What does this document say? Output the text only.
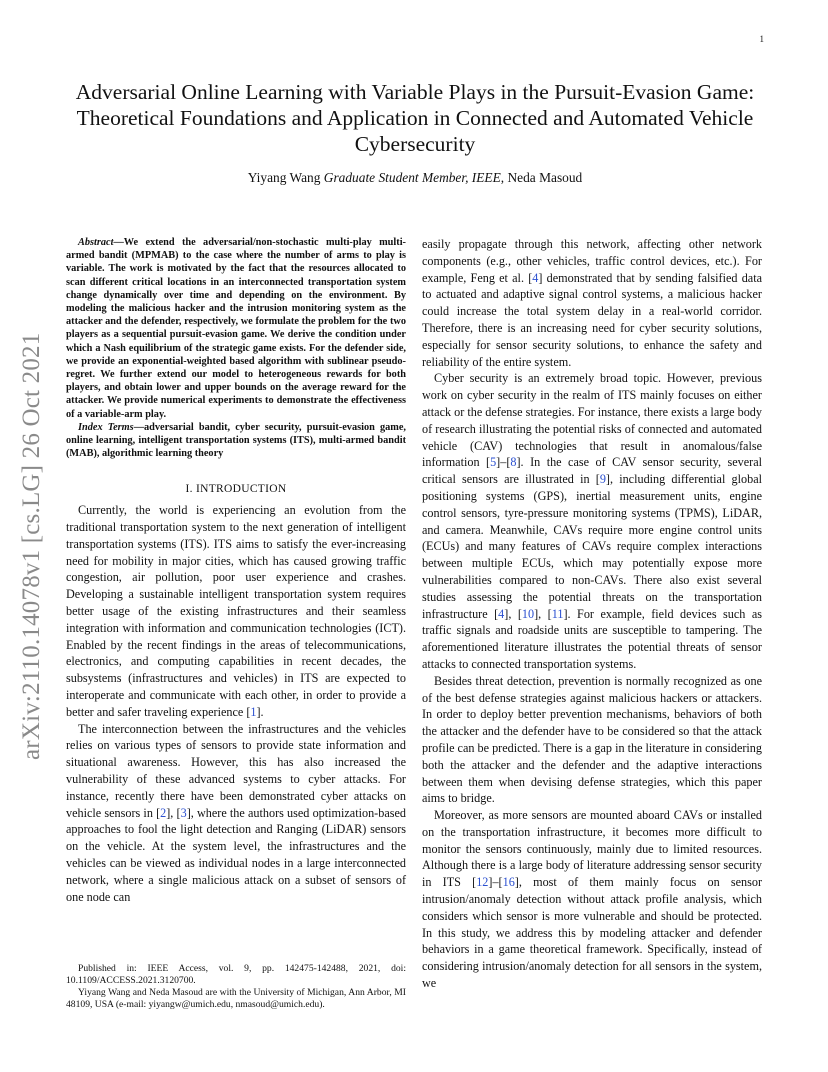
1
arXiv:2110.14078v1 [cs.LG] 26 Oct 2021
Adversarial Online Learning with Variable Plays in the Pursuit-Evasion Game: Theoretical Foundations and Application in Connected and Automated Vehicle Cybersecurity
Yiyang Wang Graduate Student Member, IEEE, Neda Masoud

Abstract—We extend the adversarial/non-stochastic multi-play multi-armed bandit (MPMAB) to the case where the number of arms to play is variable. The work is motivated by the fact that the resources allocated to scan different critical locations in an interconnected transportation system change dynamically over time and depending on the environment. By modeling the malicious hacker and the intrusion monitoring system as the attacker and the defender, respectively, we formulate the problem for the two players as a sequential pursuit-evasion game. We derive the condition under which a Nash equilibrium of the strategic game exists. For the defender side, we provide an exponential-weighted based algorithm with sublinear pseudo-regret. We further extend our model to heterogeneous rewards for both players, and obtain lower and upper bounds on the average reward for the attacker. We provide numerical experiments to demonstrate the effectiveness of a variable-arm play.

Index Terms—adversarial bandit, cyber security, pursuit-evasion game, online learning, intelligent transportation systems (ITS), multi-armed bandit (MAB), algorithmic learning theory

I. INTRODUCTION

Currently, the world is experiencing an evolution from the traditional transportation system to the next generation of intelligent transportation systems (ITS). ITS aims to satisfy the ever-increasing need for mobility in major cities, which has caused growing traffic congestion, air pollution, poor user experience and crashes. Developing a sustainable intelligent transportation system requires better usage of the existing infrastructures and their seamless integration with information and communication technologies (ICT). Enabled by the recent findings in the areas of telecommunications, electronics, and computing capabilities in recent decades, the subsystems (infrastructures and vehicles) in ITS are expected to interoperate and communicate with each other, in order to provide a better and safer traveling experience [1].

The interconnection between the infrastructures and the vehicles relies on various types of sensors to provide state information and situational awareness. However, this has also increased the vulnerability of these advanced systems to cyber attacks. For instance, recently there have been demonstrated cyber attacks on vehicle sensors in [2], [3], where the authors used optimization-based approaches to fool the light detection and Ranging (LiDAR) sensors on the vehicle. At the system level, the infrastructures and the vehicles can be viewed as individual nodes in a large interconnected network, where a single malicious attack on a subset of sensors of one node can

Published in: IEEE Access, vol. 9, pp. 142475-142488, 2021, doi: 10.1109/ACCESS.2021.3120700.

Yiyang Wang and Neda Masoud are with the University of Michigan, Ann Arbor, MI 48109, USA (e-mail: yiyangw@umich.edu, nmasoud@umich.edu).

easily propagate through this network, affecting other network components (e.g., other vehicles, traffic control devices, etc.). For example, Feng et al. [4] demonstrated that by sending falsified data to actuated and adaptive signal control systems, a malicious hacker could increase the total system delay in a real-world corridor. Therefore, there is an increasing need for cyber security solutions, especially for sensor security solutions, to enhance the safety and reliability of the entire system.

Cyber security is an extremely broad topic. However, previous work on cyber security in the realm of ITS mainly focuses on either attack or the defense strategies. For instance, there exists a large body of research illustrating the potential risks of connected and automated vehicle (CAV) technologies that result in anomalous/false information [5]–[8]. In the case of CAV sensor security, several critical sensors are illustrated in [9], including differential global positioning systems (GPS), inertial measurement units, engine control sensors, tyre-pressure monitoring systems (TPMS), LiDAR, and camera. Meanwhile, CAVs require more engine control units (ECUs) and many features of CAVs require complex interactions between multiple ECUs, which may potentially expose more vulnerabilities compared to non-CAVs. There also exist several studies assessing the potential threats on the transportation infrastructure [4], [10], [11]. For example, field devices such as traffic signals and roadside units are susceptible to tampering. The aforementioned literature illustrates the potential threats of sensor attacks to connected transportation systems.

Besides threat detection, prevention is normally recognized as one of the best defense strategies against malicious hackers or attackers. In order to deploy better prevention mechanisms, behaviors of both the attacker and the defender have to be considered so that the attack profile can be predicted. There is a gap in the literature in considering both the attacker and the defender and the adaptive interactions between them when devising defense strategies, which this paper aims to bridge.

Moreover, as more sensors are mounted aboard CAVs or installed on the transportation infrastructure, it becomes more difficult to monitor the sensors continuously, mainly due to limited resources. Although there is a large body of literature addressing sensor security in ITS [12]–[16], most of them mainly focus on sensor intrusion/anomaly detection without attack profile analysis, which considers which sensor is more vulnerable and should be protected. In this study, we address this by modeling attacker and defender behaviors in a game theoretical framework. Specifically, instead of considering intrusion/anomaly detection for all sensors in the system, we
